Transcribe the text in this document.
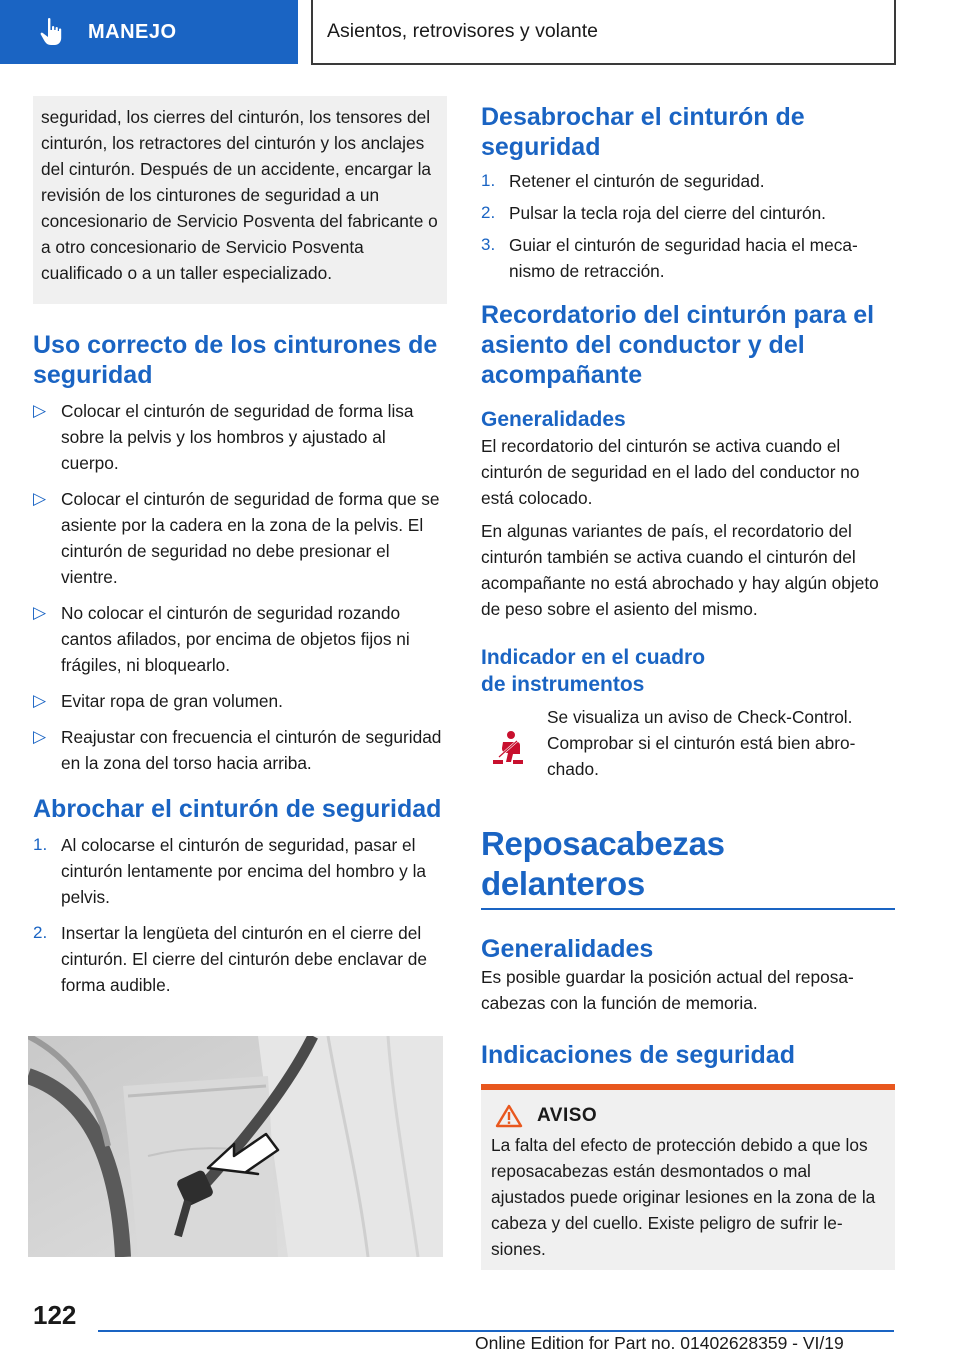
MANEJO	Asientos, retrovisores y volante

seguridad, los cierres del cinturón, los tensores del cinturón, los retractores del cinturón y los anclajes del cinturón. Después de un accidente, encargar la revisión de los cinturones de seguridad a un concesionario de Servicio Posventa del fabricante o a otro concesionario de Servicio Posventa cualificado o a un taller especializado.

Uso correcto de los cinturones de seguridad
▷ Colocar el cinturón de seguridad de forma lisa sobre la pelvis y los hombros y ajustado al cuerpo.
▷ Colocar el cinturón de seguridad de forma que se asiente por la cadera en la zona de la pelvis. El cinturón de seguridad no debe presionar el vientre.
▷ No colocar el cinturón de seguridad rozando cantos afilados, por encima de objetos fijos ni frágiles, ni bloquearlo.
▷ Evitar ropa de gran volumen.
▷ Reajustar con frecuencia el cinturón de seguridad en la zona del torso hacia arriba.
Abrochar el cinturón de seguridad
1. Al colocarse el cinturón de seguridad, pasar el cinturón lentamente por encima del hombro y la pelvis.
2. Insertar la lengüeta del cinturón en el cierre del cinturón. El cierre del cinturón debe enclavar de forma audible.
Desabrochar el cinturón de seguridad
1. Retener el cinturón de seguridad.
2. Pulsar la tecla roja del cierre del cinturón.
3. Guiar el cinturón de seguridad hacia el mecanismo de retracción.
Recordatorio del cinturón para el asiento del conductor y del acompañante
Generalidades

El recordatorio del cinturón se activa cuando el cinturón de seguridad en el lado del conductor no está colocado.

En algunas variantes de país, el recordatorio del cinturón también se activa cuando el cinturón del acompañante no está abrochado y hay algún objeto de peso sobre el asiento del mismo.

Indicador en el cuadro
de instrumentos

Se visualiza un aviso de Check-Control. Comprobar si el cinturón está bien abrochado.

Reposacabezas delanteros
Generalidades

Es posible guardar la posición actual del reposacabezas con la función de memoria.

Indicaciones de seguridad
AVISO

La falta del efecto de protección debido a que los reposacabezas están desmontados o mal ajustados puede originar lesiones en la zona de la cabeza y del cuello. Existe peligro de sufrir lesiones.

122
Online Edition for Part no. 01402628359 - VI/19
